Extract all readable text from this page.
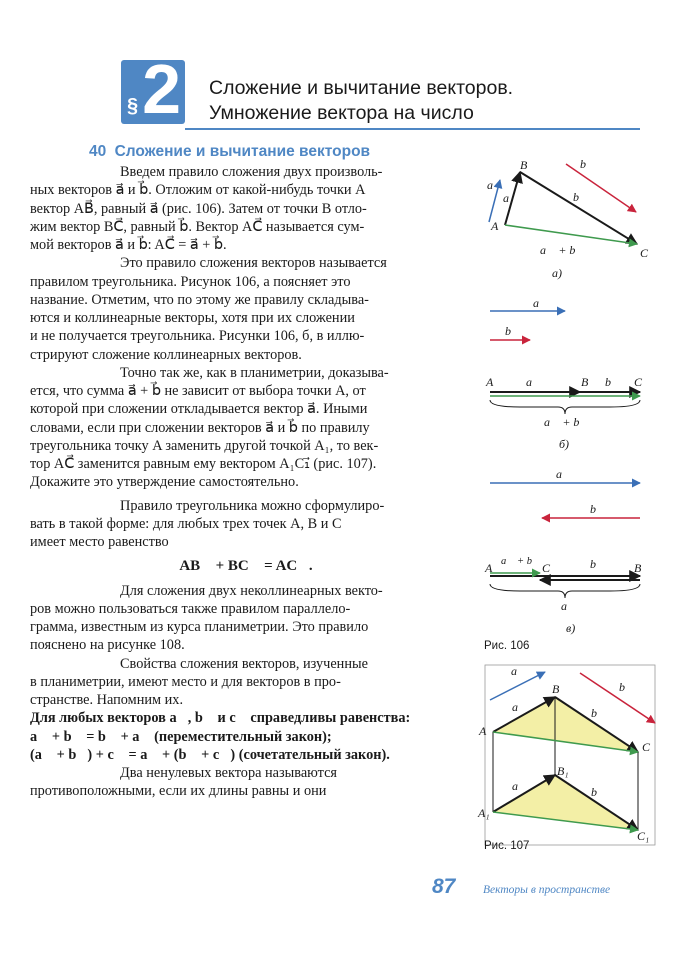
§ 2 Сложение и вычитание векторов.
Умножение вектора на число
40 Сложение и вычитание векторов

Введем правило сложения двух произволь-

ных векторов a⃗ и b⃗. Отложим от какой-нибудь точки A

вектор AB⃗, равный a⃗ (рис. 106). Затем от точки B отло-

жим вектор BC⃗, равный b⃗. Вектор AC⃗ называется сум-

мой векторов a⃗ и b⃗: AC⃗ = a⃗ + b⃗.

Это правило сложения векторов называется

правилом треугольника. Рисунок 106, а поясняет это

название. Отметим, что по этому же правилу складыва-

ются и коллинеарные векторы, хотя при их сложении

и не получается треугольника. Рисунки 106, б, в иллю-

стрируют сложение коллинеарных векторов.

Точно так же, как в планиметрии, доказыва-

ется, что сумма a⃗ + b⃗ не зависит от выбора точки A, от

которой при сложении откладывается вектор a⃗. Иными

словами, если при сложении векторов a⃗ и b⃗ по правилу

треугольника точку A заменить другой точкой A₁, то век-

тор AC⃗ заменится равным ему вектором A₁C₁⃗ (рис. 107).

Докажите это утверждение самостоятельно.

Правило треугольника можно сформулиро-

вать в такой форме: для любых трех точек A, B и C

имеет место равенство

AB⃗ + BC⃗ = AC⃗.

Для сложения двух неколлинеарных векто-

ров можно пользоваться также правилом параллело-

грамма, известным из курса планиметрии. Это правило

пояснено на рисунке 108.

Свойства сложения векторов, изученные

в планиметрии, имеют место и для векторов в про-

странстве. Напомним их.

Для любых векторов a⃗, b⃗ и c⃗ справедливы равенства:

a⃗ + b⃗ = b⃗ + a⃗ (переместительный закон);

(a⃗ + b⃗) + c⃗ = a⃗ + (b⃗ + c⃗) (сочетательный закон).

Два ненулевых вектора называются

противоположными, если их длины равны и они

B
A
C
a⃗
a⃗
b⃗
b⃗
a⃗ + b⃗
а)
a⃗
b⃗
A	a⃗	B b⃗ C
a⃗ + b⃗
б)
a⃗
b⃗
A a⃗ + b⃗ C	b⃗ B
a⃗
в)
Рис. 106
a⃗
b⃗
B
A
C
a⃗	b⃗
B₁
a⃗	b⃗
A₁
C₁
Рис. 107
87 Векторы в пространстве
